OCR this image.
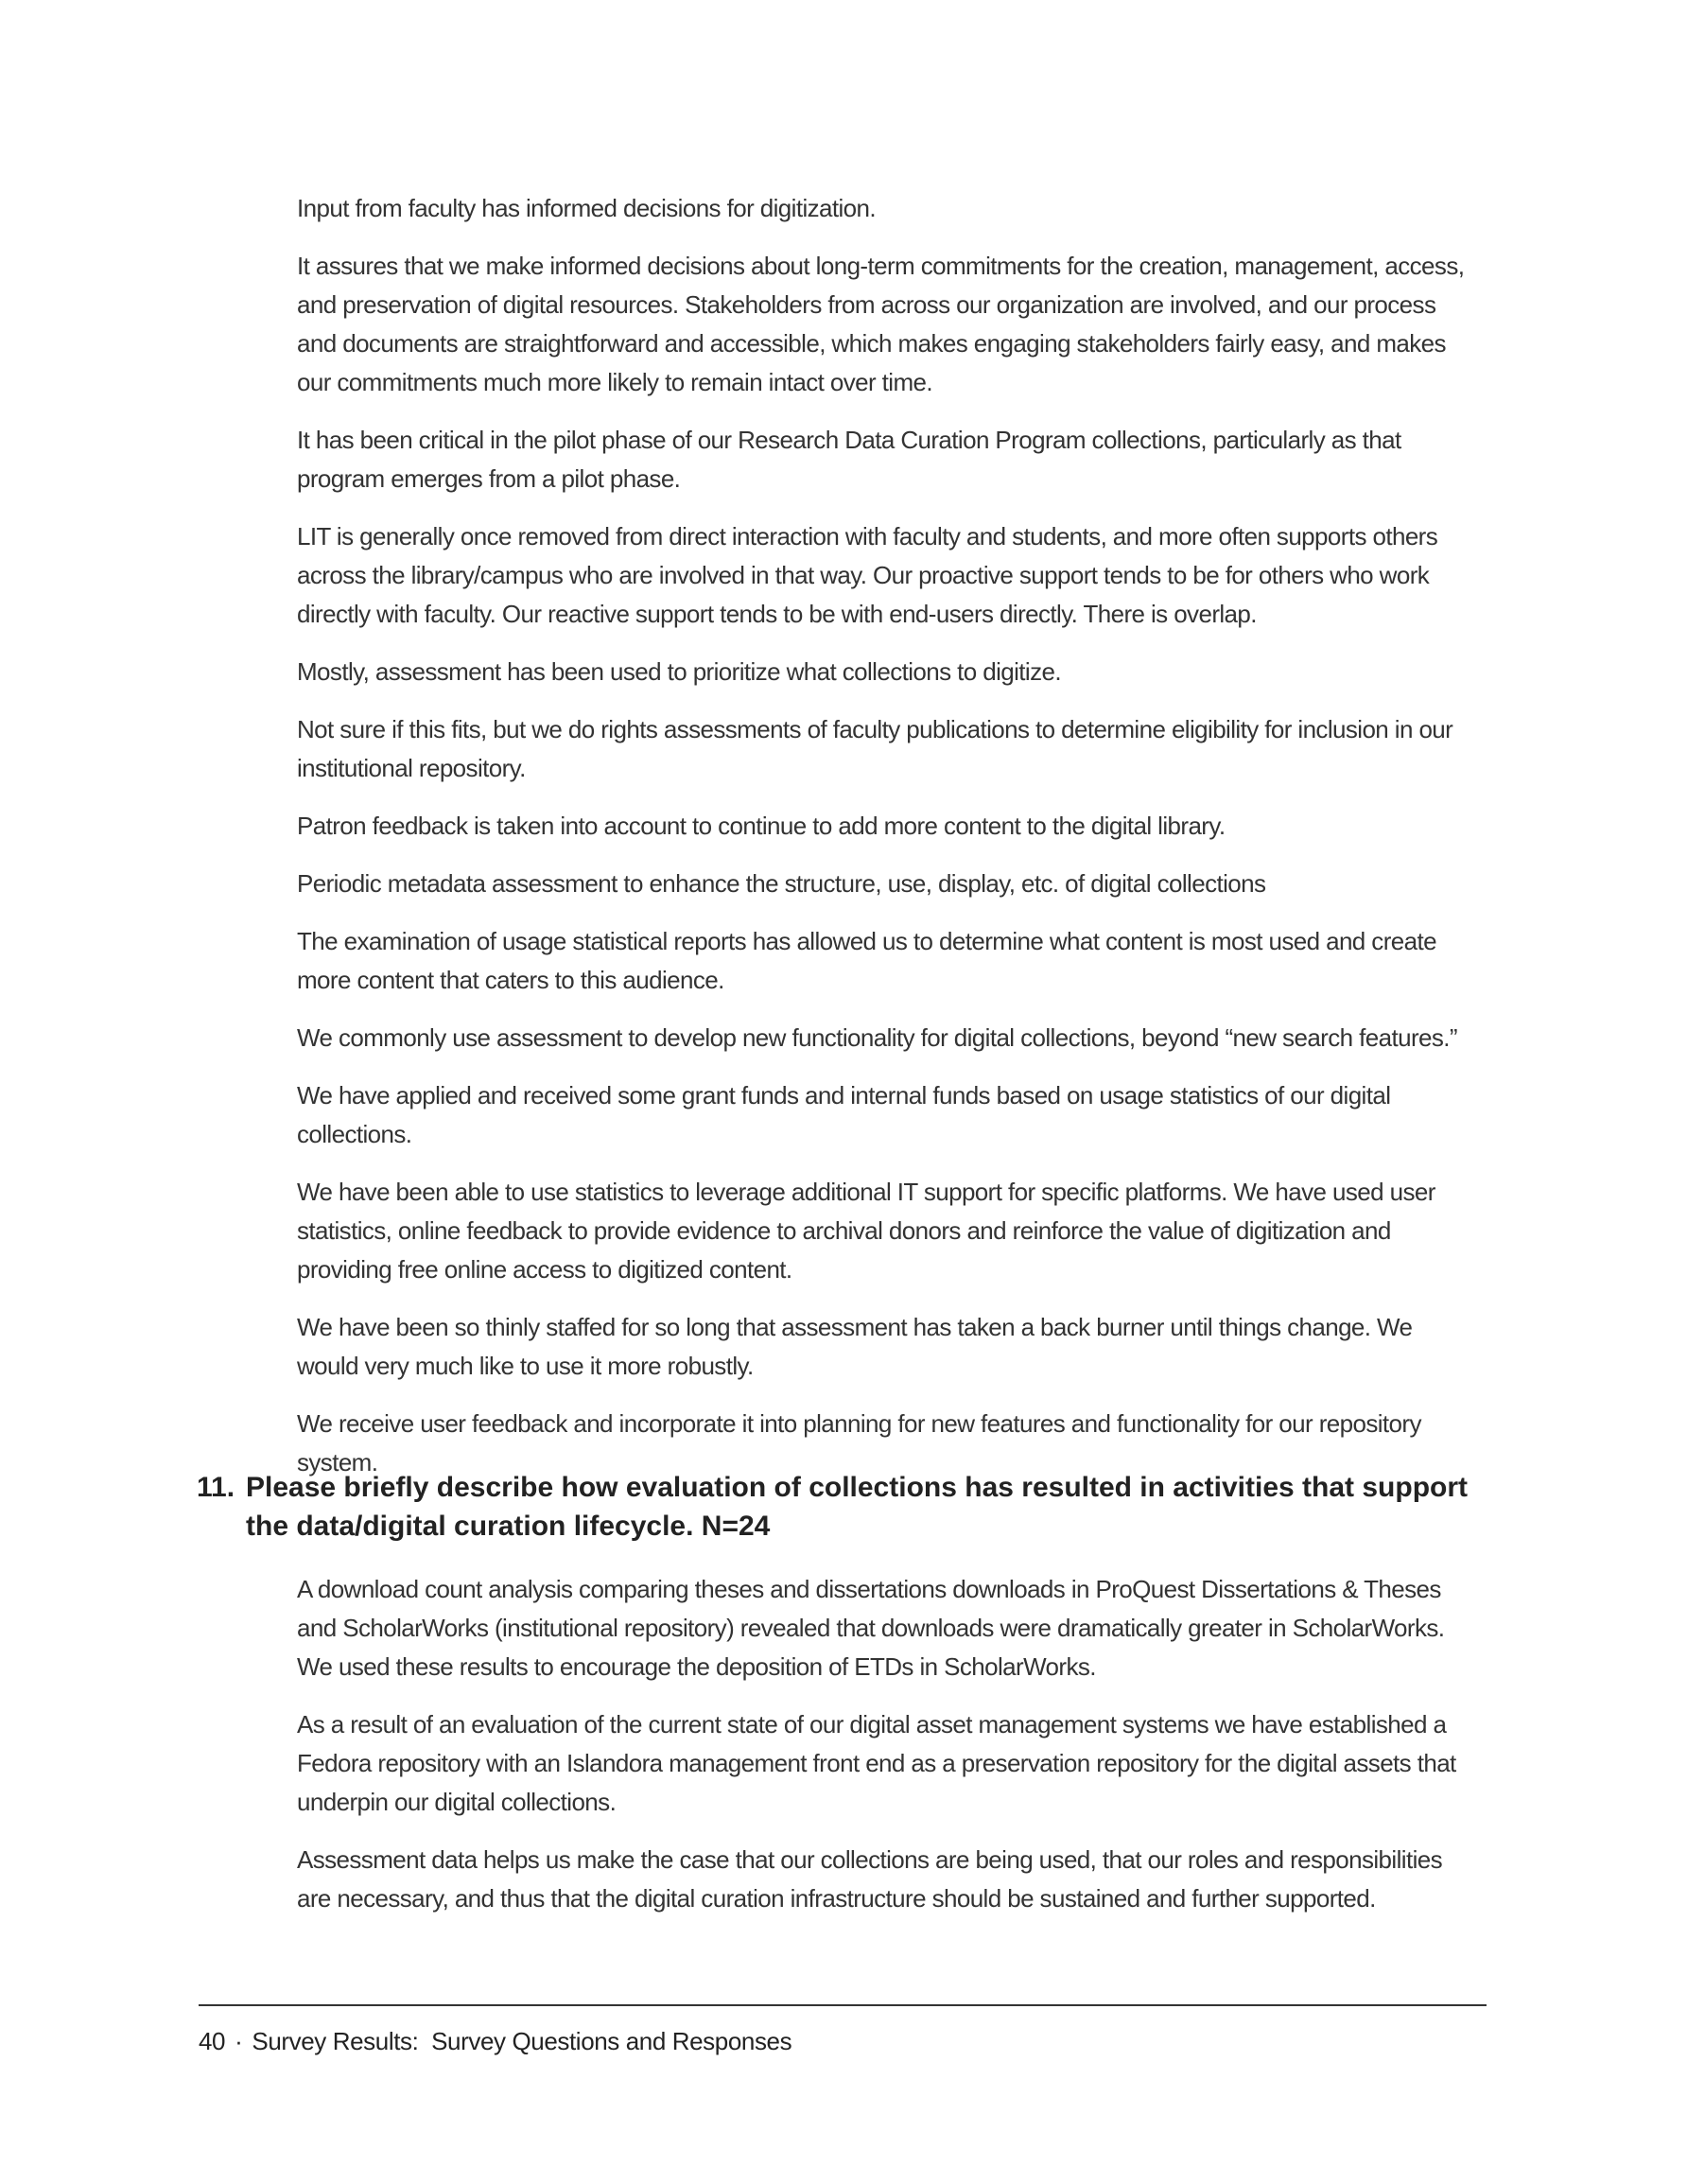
Input from faculty has informed decisions for digitization.

It assures that we make informed decisions about long-term commitments for the creation, management, access, and preservation of digital resources. Stakeholders from across our organization are involved, and our process and documents are straightforward and accessible, which makes engaging stakeholders fairly easy, and makes our commitments much more likely to remain intact over time.

It has been critical in the pilot phase of our Research Data Curation Program collections, particularly as that program emerges from a pilot phase.

LIT is generally once removed from direct interaction with faculty and students, and more often supports others across the library/campus who are involved in that way. Our proactive support tends to be for others who work directly with faculty. Our reactive support tends to be with end-users directly. There is overlap.

Mostly, assessment has been used to prioritize what collections to digitize.

Not sure if this fits, but we do rights assessments of faculty publications to determine eligibility for inclusion in our institutional repository.

Patron feedback is taken into account to continue to add more content to the digital library.

Periodic metadata assessment to enhance the structure, use, display, etc. of digital collections

The examination of usage statistical reports has allowed us to determine what content is most used and create more content that caters to this audience.

We commonly use assessment to develop new functionality for digital collections, beyond “new search features.”

We have applied and received some grant funds and internal funds based on usage statistics of our digital collections.

We have been able to use statistics to leverage additional IT support for specific platforms. We have used user statistics, online feedback to provide evidence to archival donors and reinforce the value of digitization and providing free online access to digitized content.

We have been so thinly staffed for so long that assessment has taken a back burner until things change. We would very much like to use it more robustly.

We receive user feedback and incorporate it into planning for new features and functionality for our repository system.

11. Please briefly describe how evaluation of collections has resulted in activities that support the data/digital curation lifecycle. N=24

A download count analysis comparing theses and dissertations downloads in ProQuest Dissertations & Theses and ScholarWorks (institutional repository) revealed that downloads were dramatically greater in ScholarWorks. We used these results to encourage the deposition of ETDs in ScholarWorks.

As a result of an evaluation of the current state of our digital asset management systems we have established a Fedora repository with an Islandora management front end as a preservation repository for the digital assets that underpin our digital collections.

Assessment data helps us make the case that our collections are being used, that our roles and responsibilities are necessary, and thus that the digital curation infrastructure should be sustained and further supported.

40 · Survey Results:  Survey Questions and Responses
